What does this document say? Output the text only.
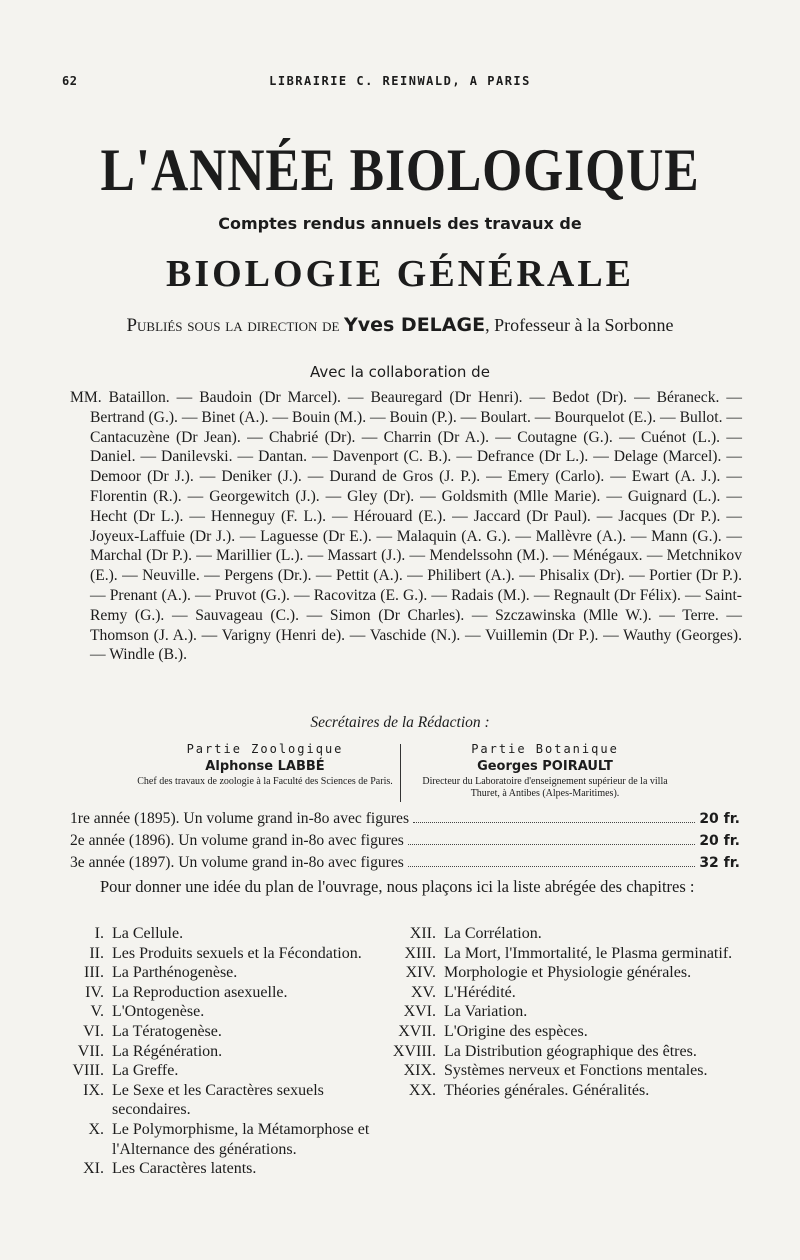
62	LIBRAIRIE C. REINWALD, A PARIS
L'ANNÉE BIOLOGIQUE
Comptes rendus annuels des travaux de
BIOLOGIE GÉNÉRALE
Publiés sous la direction de Yves DELAGE, Professeur à la Sorbonne
Avec la collaboration de
MM. Bataillon. — Baudoin (Dr Marcel). — Beauregard (Dr Henri). — Bedot (Dr). — Béraneck. — Bertrand (G.). — Binet (A.). — Bouin (M.). — Bouin (P.). — Boulart. — Bourquelot (E.). — Bullot. — Cantacuzène (Dr Jean). — Chabrié (Dr). — Charrin (Dr A.). — Coutagne (G.). — Cuénot (L.). — Daniel. — Danilevski. — Dantan. — Davenport (C. B.). — Defrance (Dr L.). — Delage (Marcel). — Demoor (Dr J.). — Deniker (J.). — Durand de Gros (J. P.). — Emery (Carlo). — Ewart (A. J.). — Florentin (R.). — Georgewitch (J.). — Gley (Dr). — Goldsmith (Mlle Marie). — Guignard (L.). — Hecht (Dr L.). — Henneguy (F. L.). — Hérouard (E.). — Jaccard (Dr Paul). — Jacques (Dr P.). — Joyeux-Laffuie (Dr J.). — Laguesse (Dr E.). — Malaquin (A. G.). — Mallèvre (A.). — Mann (G.). — Marchal (Dr P.). — Marillier (L.). — Massart (J.). — Mendelssohn (M.). — Ménégaux. — Metchnikov (E.). — Neuville. — Pergens (Dr.). — Pettit (A.). — Philibert (A.). — Phisalix (Dr). — Portier (Dr P.). — Prenant (A.). — Pruvot (G.). — Racovitza (E. G.). — Radais (M.). — Regnault (Dr Félix). — Saint-Remy (G.). — Sauvageau (C.). — Simon (Dr Charles). — Szczawinska (Mlle W.). — Terre. — Thomson (J. A.). — Varigny (Henri de). — Vaschide (N.). — Vuillemin (Dr P.). — Wauthy (Georges). — Windle (B.).
Secrétaires de la Rédaction :
Partie Zoologique
Alphonse LABBÉ
Chef des travaux de zoologie à la Faculté des Sciences de Paris.
Partie Botanique
Georges POIRAULT
Directeur du Laboratoire d'enseignement supérieur de la villa Thuret, à Antibes (Alpes-Maritimes).
1re année (1895). Un volume grand in-8o avec figures	20 fr.
2e année (1896). Un volume grand in-8o avec figures	20 fr.
3e année (1897). Un volume grand in-8o avec figures	32 fr.
Pour donner une idée du plan de l'ouvrage, nous plaçons ici la liste abrégée des chapitres :
I. La Cellule.
II. Les Produits sexuels et la Fécondation.
III. La Parthénogenèse.
IV. La Reproduction asexuelle.
V. L'Ontogenèse.
VI. La Tératogenèse.
VII. La Régénération.
VIII. La Greffe.
IX. Le Sexe et les Caractères sexuels secondaires.
X. Le Polymorphisme, la Métamorphose et l'Alternance des générations.
XI. Les Caractères latents.
XII. La Corrélation.
XIII. La Mort, l'Immortalité, le Plasma germinatif.
XIV. Morphologie et Physiologie générales.
XV. L'Hérédité.
XVI. La Variation.
XVII. L'Origine des espèces.
XVIII. La Distribution géographique des êtres.
XIX. Systèmes nerveux et Fonctions mentales.
XX. Théories générales. Généralités.
